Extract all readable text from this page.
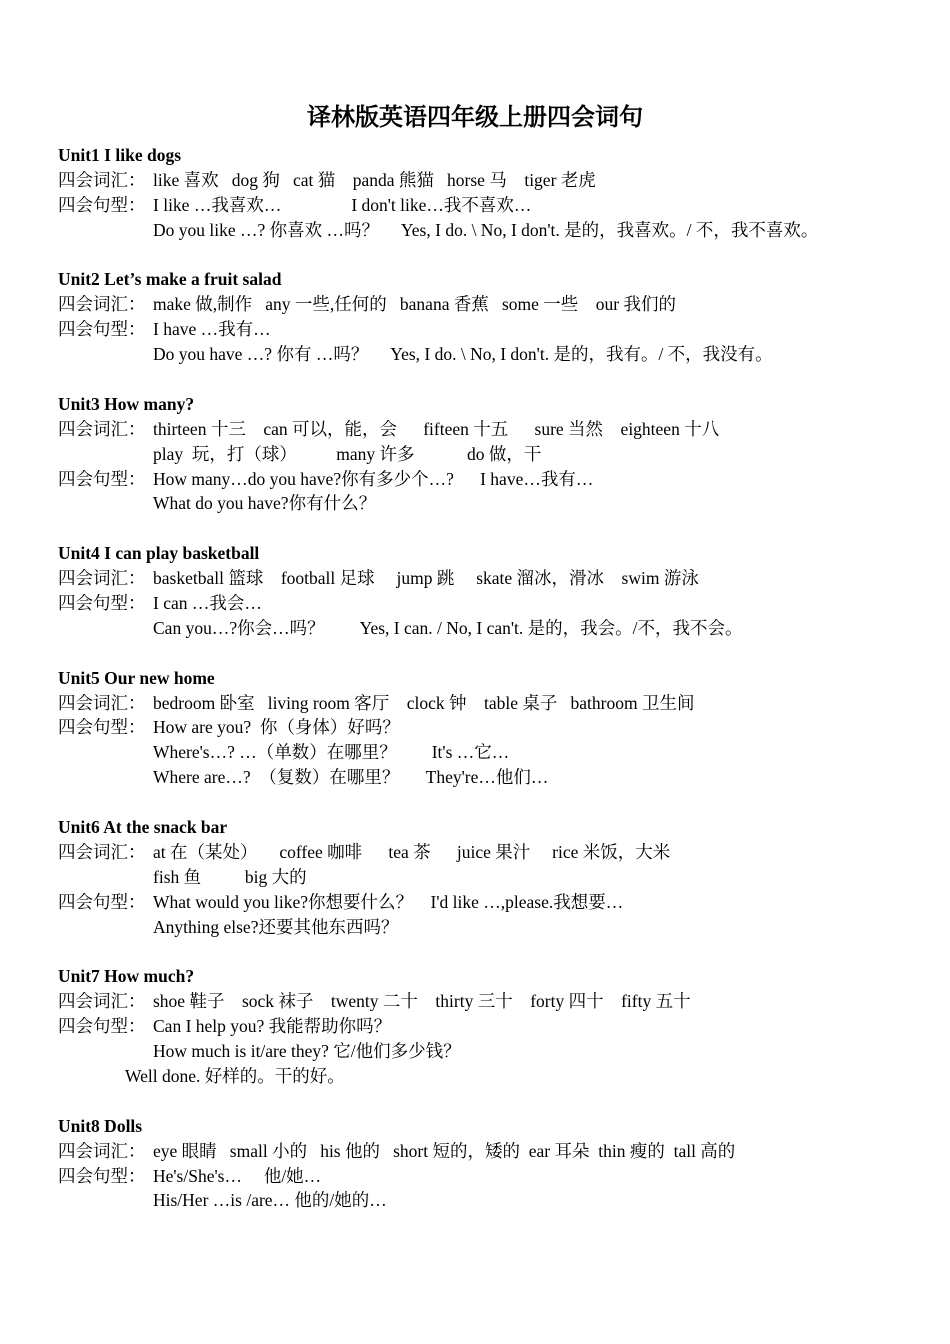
译林版英语四年级上册四会词句
Unit1 I like dogs
四会词汇： like 喜欢   dog 狗   cat 猫    panda 熊猫   horse 马    tiger 老虎
四会句型： I like …我喜欢…                I don't like…我不喜欢…
Do you like …? 你喜欢 …吗？     Yes, I do. \ No, I don't. 是的，我喜欢。/ 不，我不喜欢。
Unit2 Let’s make a fruit salad
四会词汇： make 做,制作   any 一些,任何的   banana 香蕉   some 一些    our 我们的
四会句型： I have …我有…
Do you have …? 你有 …吗？     Yes, I do. \ No, I don't. 是的，我有。/ 不，我没有。
Unit3 How many?
四会词汇： thirteen 十三    can 可以，能，会      fifteen 十五      sure 当然    eighteen 十八
play  玩，打（球）         many 许多            do 做，干
四会句型： How many…do you have?你有多少个…?      I have…我有…
What do you have?你有什么？
Unit4 I can play basketball
四会词汇： basketball 篮球    football 足球     jump 跳     skate 溜冰，滑冰    swim 游泳
四会句型： I can …我会…
Can you…?你会…吗？        Yes, I can. / No, I can't. 是的，我会。/不，我不会。
Unit5 Our new home
四会词汇： bedroom 卧室   living room 客厅    clock 钟    table 桌子   bathroom 卫生间
四会句型： How are you?  你（身体）好吗？
Where's…? …（单数）在哪里？        It's …它…
Where are…?  （复数）在哪里？      They're…他们…
Unit6 At the snack bar
四会词汇： at 在（某处）     coffee 咖啡      tea 茶      juice 果汁     rice 米饭，大米
fish 鱼          big 大的
四会句型： What would you like?你想要什么？    I'd like …,please.我想要…
Anything else?还要其他东西吗？
Unit7 How much?
四会词汇： shoe 鞋子    sock 袜子    twenty 二十    thirty 三十    forty 四十    fifty 五十
四会句型： Can I help you? 我能帮助你吗？
How much is it/are they? 它/他们多少钱？
Well done. 好样的。干的好。
Unit8 Dolls
四会词汇： eye 眼睛   small 小的   his 他的   short 短的，矮的  ear 耳朵  thin 瘦的  tall 高的
四会句型： He's/She's…     他/她…
His/Her …is /are… 他的/她的…
